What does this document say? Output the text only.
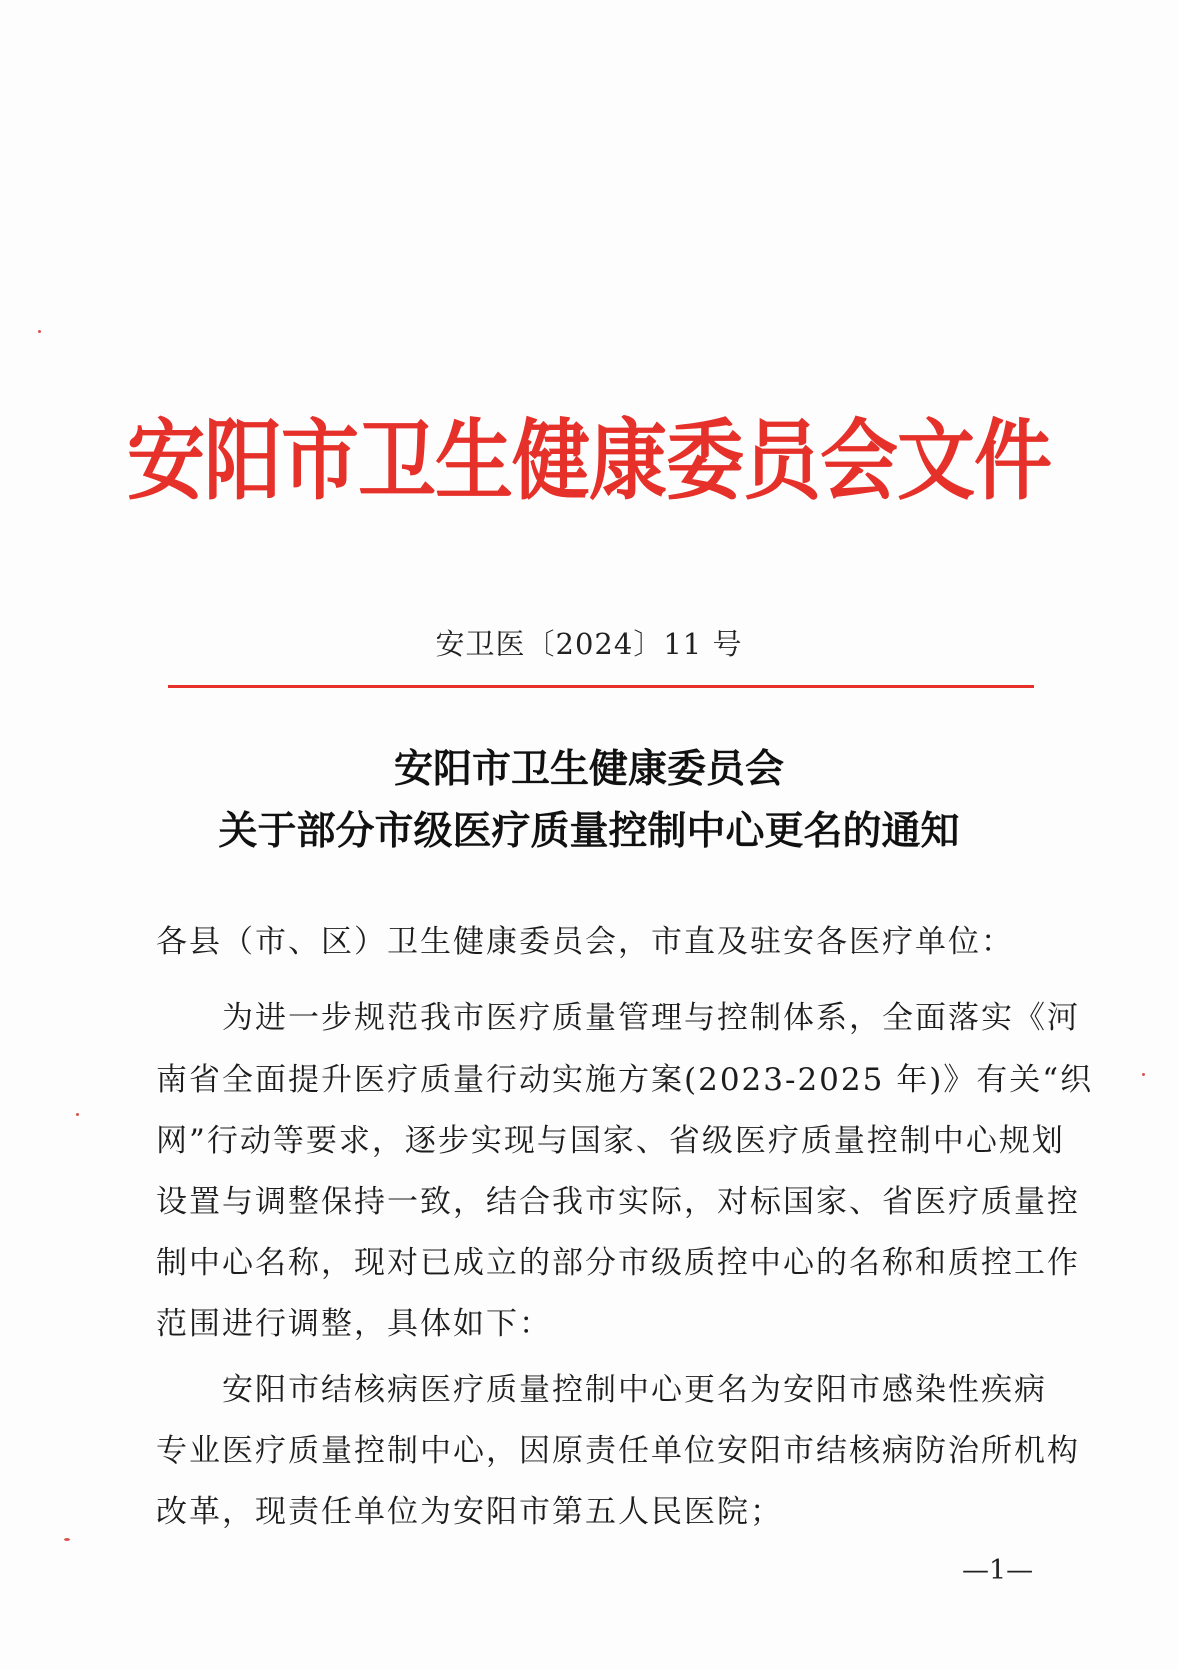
安阳市卫生健康委员会文件
安卫医〔2024〕11 号
安阳市卫生健康委员会
关于部分市级医疗质量控制中心更名的通知
各县（市、区）卫生健康委员会，市直及驻安各医疗单位：
　　为进一步规范我市医疗质量管理与控制体系，全面落实《河
南省全面提升医疗质量行动实施方案(2023-2025 年)》有关“织
网”行动等要求，逐步实现与国家、省级医疗质量控制中心规划
设置与调整保持一致，结合我市实际，对标国家、省医疗质量控
制中心名称，现对已成立的部分市级质控中心的名称和质控工作
范围进行调整，具体如下：
　　安阳市结核病医疗质量控制中心更名为安阳市感染性疾病
专业医疗质量控制中心，因原责任单位安阳市结核病防治所机构
改革，现责任单位为安阳市第五人民医院；
—1—
